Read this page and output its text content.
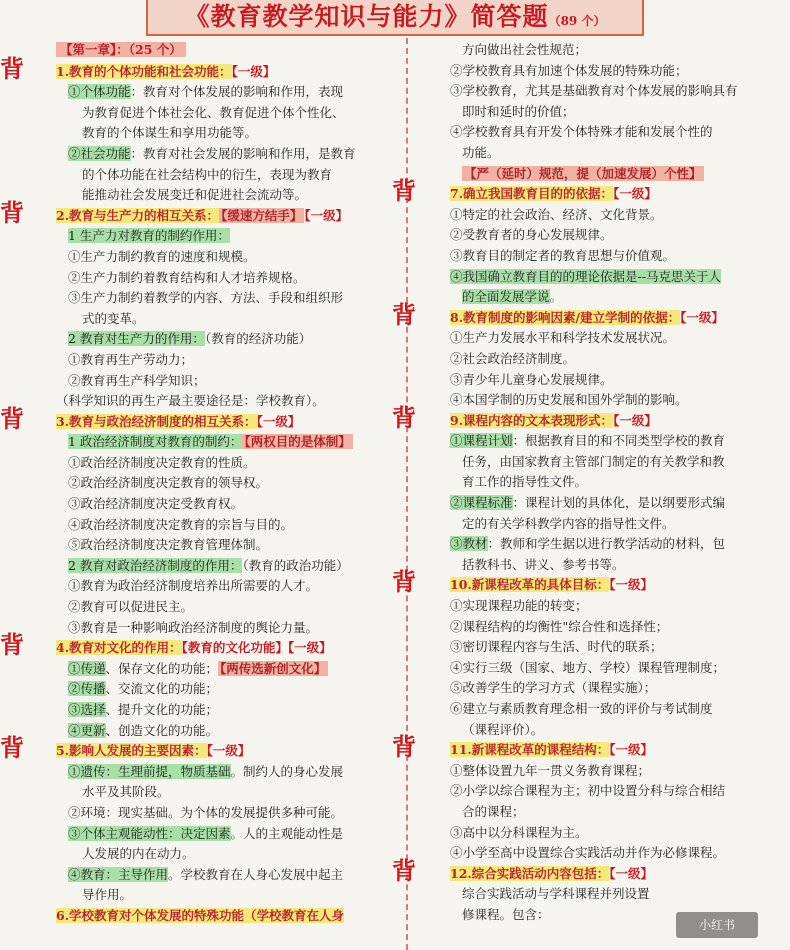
《教育教学知识与能力》简答题（89 个）
【第一章】：（25 个）
背	1.教育的个体功能和社会功能：【一级】
①个体功能：教育对个体发展的影响和作用，表现
为教育促进个体社会化、教育促进个体个性化、
教育的个体谋生和享用功能等。
②社会功能：教育对社会发展的影响和作用，是教育
的个体功能在社会结构中的衍生，表现为教育
能推动社会发展变迁和促进社会流动等。
背	2.教育与生产力的相互关系： 【缓速方结手】 【一级】
1 生产力对教育的制约作用：
①生产力制约教育的速度和规模。
②生产力制约着教育结构和人才培养规格。
③生产力制约着教学的内容、方法、手段和组织形
式的变革。
2 教育对生产力的作用：（教育的经济功能）
①教育再生产劳动力；
②教育再生产科学知识；
（科学知识的再生产最主要途径是：学校教育）。
背	3.教育与政治经济制度的相互关系：【一级】
1 政治经济制度对教育的制约： 【两权目的是体制】
①政治经济制度决定教育的性质。
②政治经济制度决定教育的领导权。
③政治经济制度决定受教育权。
④政治经济制度决定教育的宗旨与目的。
⑤政治经济制度决定教育管理体制。
2 教育对政治经济制度的作用：（教育的政治功能）
①教育为政治经济制度培养出所需要的人才。
②教育可以促进民主。
③教育是一种影响政治经济制度的舆论力量。
背	4.教育对文化的作用：【教育的文化功能】【一级】
①传递、保存文化的功能； 【两传选新创文化】
②传播、交流文化的功能；
③选择、提升文化的功能；
④更新、创造文化的功能。
背	5.影响人发展的主要因素：【一级】
①遗传：生理前提，物质基础。制约人的身心发展
水平及其阶段。
②环境：现实基础。为个体的发展提供多种可能。
③个体主观能动性：决定因素。人的主观能动性是
人发展的内在动力。
④教育：主导作用。学校教育在人身心发展中起主
导作用。
6.学校教育对个体发展的特殊功能（学校教育在人身
方向做出社会性规范；
②学校教育具有加速个体发展的特殊功能；
③学校教育，尤其是基础教育对个体发展的影响具有
即时和延时的价值；
④学校教育具有开发个体特殊才能和发展个性的
功能。
【严（延时）规范，提（加速发展）个性】
背	7.确立我国教育目的的依据：【一级】
①特定的社会政治、经济、文化背景。
②受教育者的身心发展规律。
③教育目的制定者的教育思想与价值观。
④我国确立教育目的的理论依据是--马克思关于人
的全面发展学说。
背	8.教育制度的影响因素/建立学制的依据：【一级】
①生产力发展水平和科学技术发展状况。
②社会政治经济制度。
③青少年儿童身心发展规律。
④本国学制的历史发展和国外学制的影响。
背	9.课程内容的文本表现形式：【一级】
①课程计划：根据教育目的和不同类型学校的教育
任务，由国家教育主管部门制定的有关教学和教
育工作的指导性文件。
②课程标准：课程计划的具体化，是以纲要形式编
定的有关学科教学内容的指导性文件。
③教材：教师和学生据以进行教学活动的材料，包
括教科书、讲义、参考书等。
背	10.新课程改革的具体目标：【一级】
①实现课程功能的转变；
②课程结构的均衡性"综合性和选择性；
③密切课程内容与生活、时代的联系；
④实行三级（国家、地方、学校）课程管理制度；
⑤改善学生的学习方式（课程实施）；
⑥建立与素质教育理念相一致的评价与考试制度
（课程评价）。
背	11.新课程改革的课程结构：【一级】
①整体设置九年一贯义务教育课程；
②小学以综合课程为主；初中设置分科与综合相结
合的课程；
③高中以分科课程为主。
④小学至高中设置综合实践活动并作为必修课程。
背	12.综合实践活动内容包括：【一级】
综合实践活动与学科课程并列设置
修课程。包含：
小红书
